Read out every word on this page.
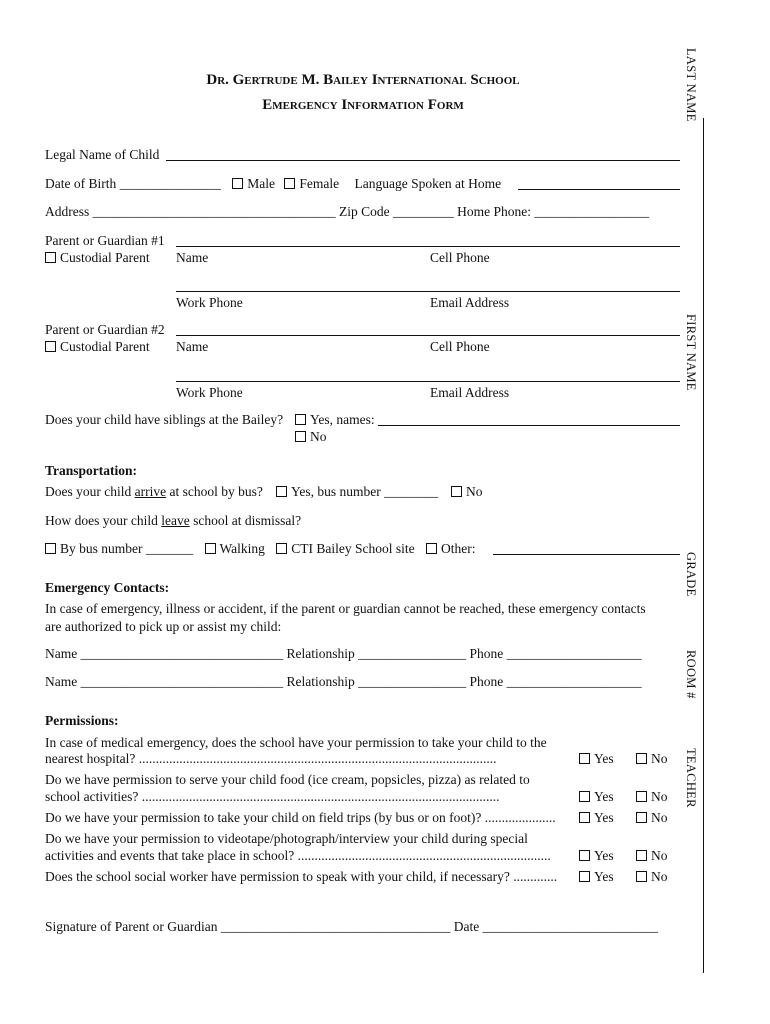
Dr. Gertrude M. Bailey International School
Emergency Information Form	LAST NAME
FIRST NAME
GRADE
ROOM #
TEACHER
Legal Name of Child
Date of Birth _______________ Male Female Language Spoken at Home
Address ____________________________________ Zip Code _________ Home Phone: _________________
Parent or Guardian #1
Custodial Parent Name	Cell Phone
Work Phone	Email Address
Parent or Guardian #2
Custodial Parent Name	Cell Phone
Work Phone	Email Address
Does your child have siblings at the Bailey?	Yes, names:
No
Transportation:
Does your child arrive at school by bus?	Yes, bus number ________	No
How does your child leave school at dismissal?
By bus number _______ Walking CTI Bailey School site Other:
Emergency Contacts:
In case of emergency, illness or accident, if the parent or guardian cannot be reached, these emergency contacts
are authorized to pick up or assist my child:
Name ______________________________ Relationship ________________ Phone ____________________
Name ______________________________ Relationship ________________ Phone ____________________
Permissions:
In case of medical emergency, does the school have your permission to take your child to the
nearest hospital? ..........................................................................................................	Yes	No
Do we have permission to serve your child food (ice cream, popsicles, pizza) as related to
school activities? ..........................................................................................................	Yes	No
Do we have your permission to take your child on field trips (by bus or on foot)? .....................	Yes	No
Do we have your permission to videotape/photograph/interview your child during special
activities and events that take place in school? ...........................................................................	Yes	No
Does the school social worker have permission to speak with your child, if necessary? .............	Yes	No
Signature of Parent or Guardian __________________________________ Date __________________________
